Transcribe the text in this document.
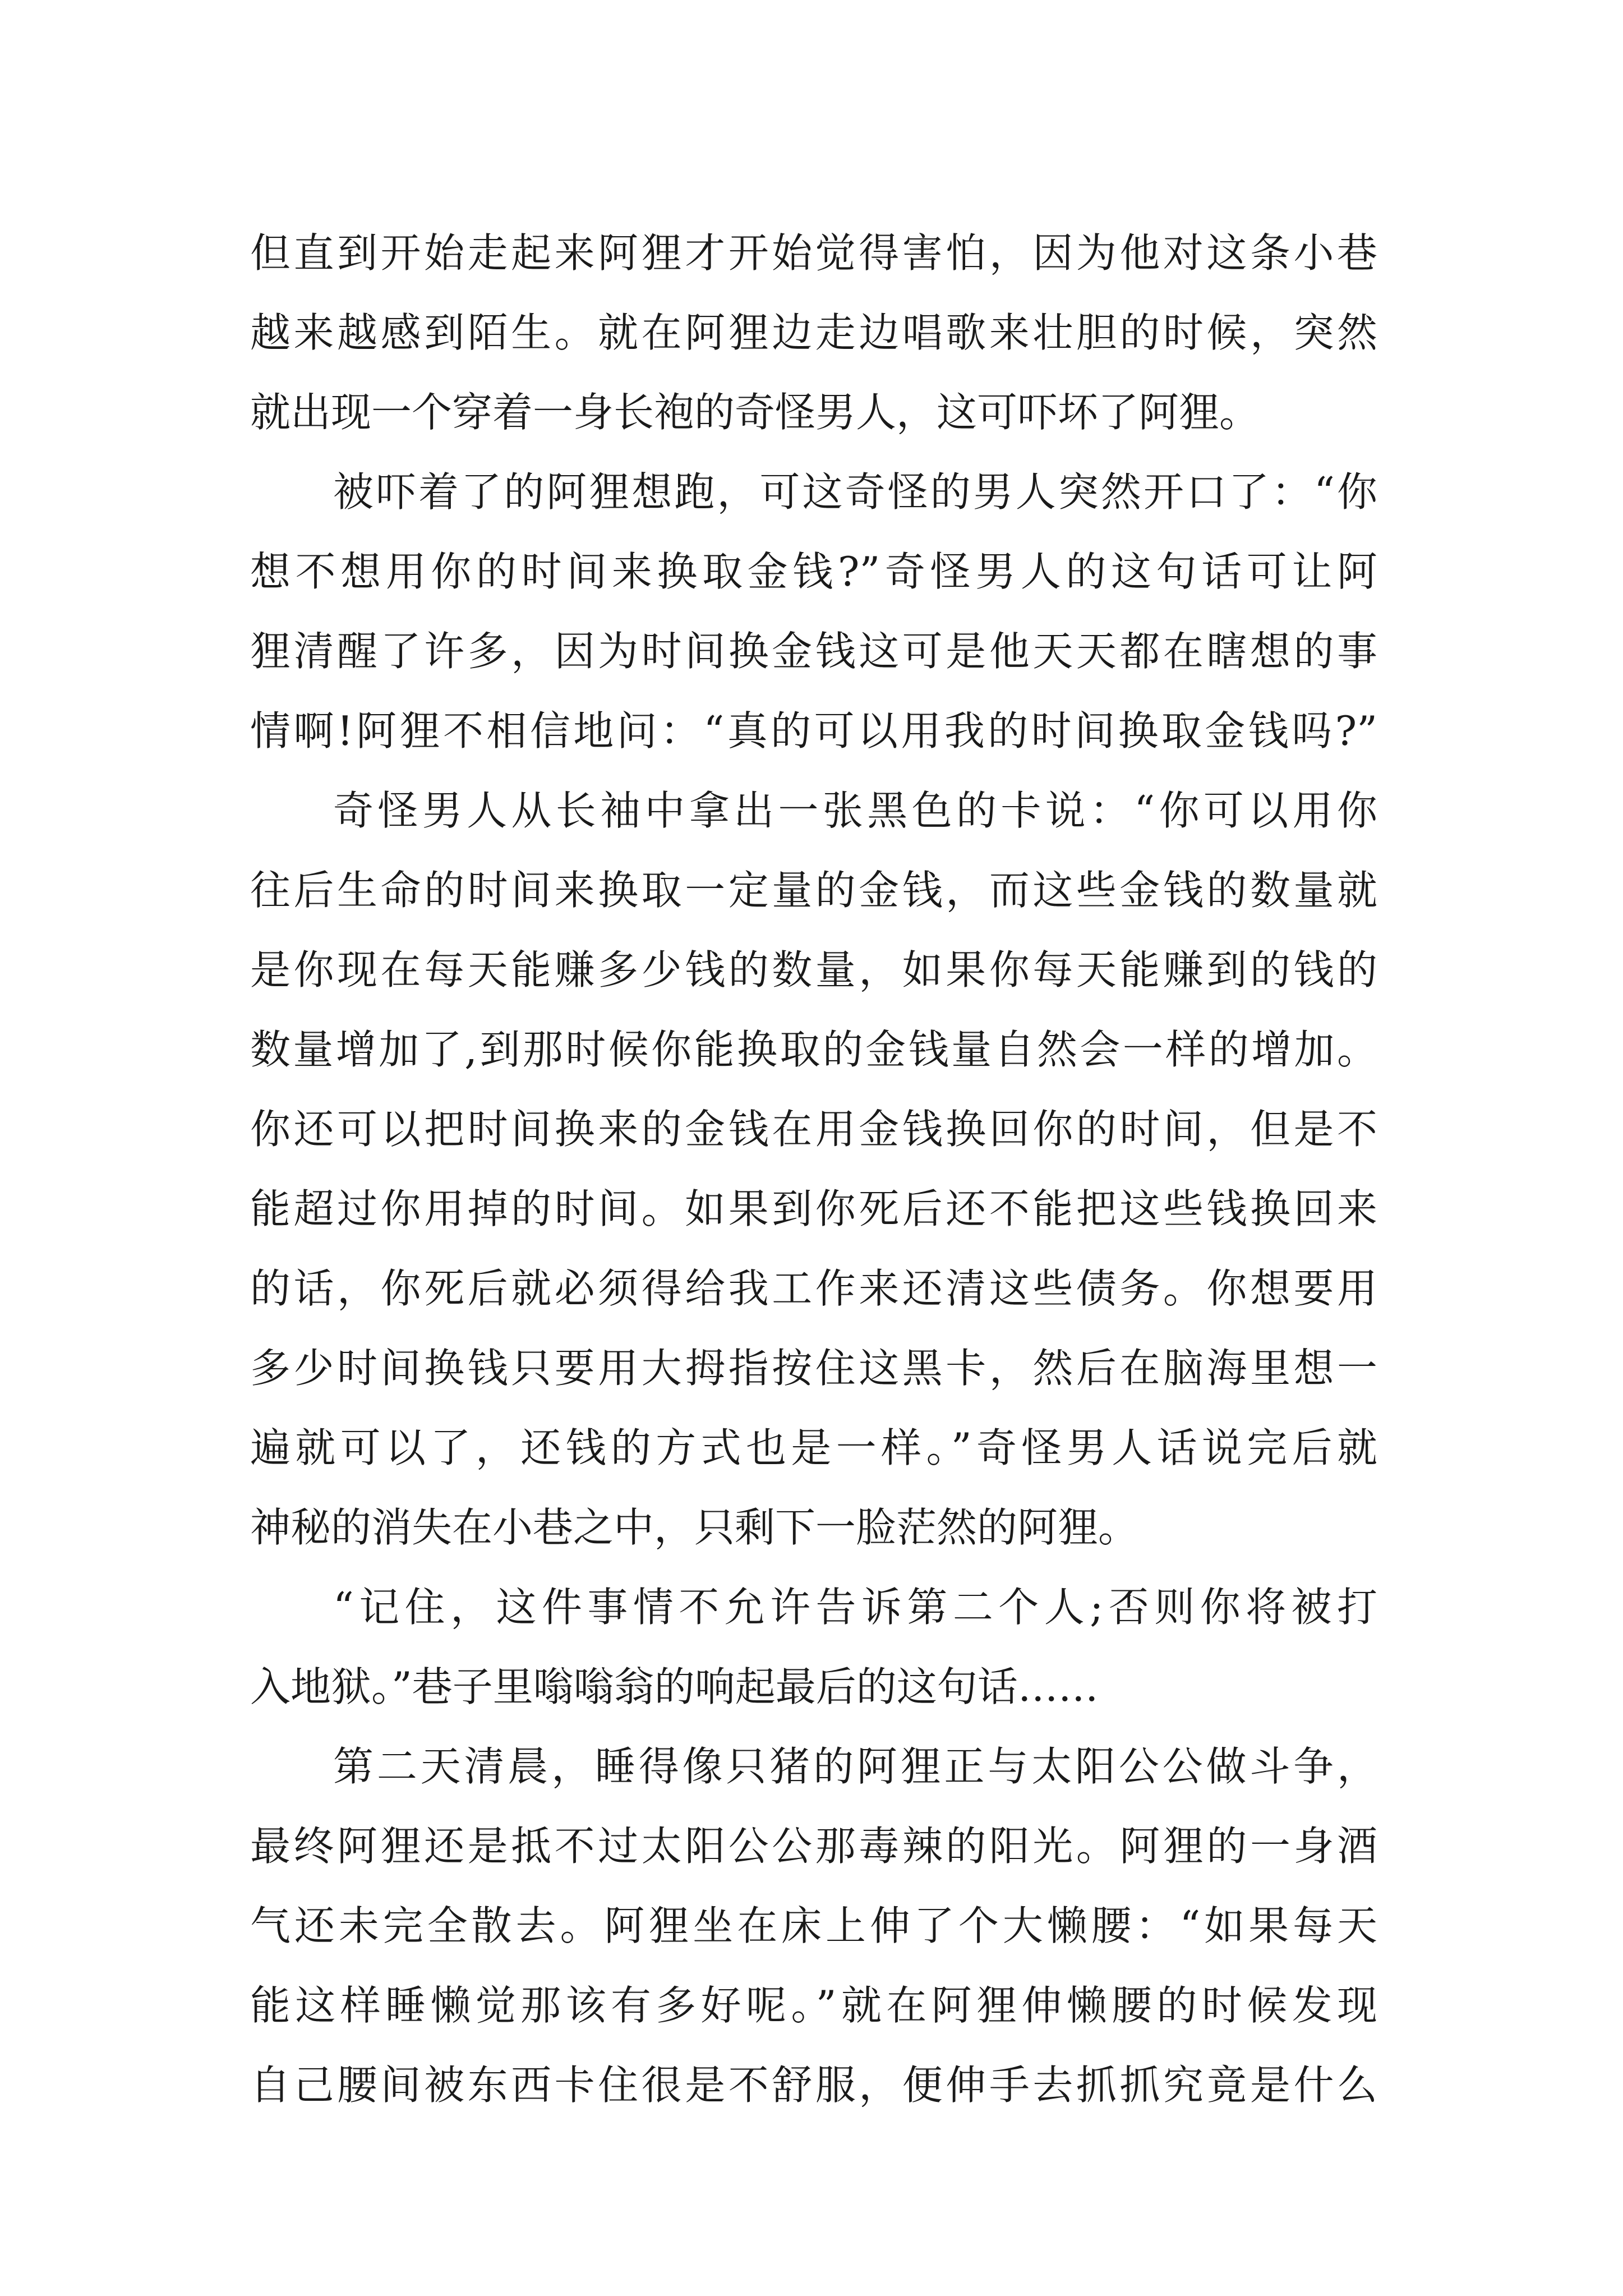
但直到开始走起来阿狸才开始觉得害怕，因为他对这条小巷
越来越感到陌生。就在阿狸边走边唱歌来壮胆的时候，突然
就出现一个穿着一身长袍的奇怪男人，这可吓坏了阿狸。
被吓着了的阿狸想跑，可这奇怪的男人突然开口了：“你
想不想用你的时间来换取金钱?”奇怪男人的这句话可让阿
狸清醒了许多，因为时间换金钱这可是他天天都在瞎想的事
情啊!阿狸不相信地问：“真的可以用我的时间换取金钱吗?”
奇怪男人从长袖中拿出一张黑色的卡说：“你可以用你
往后生命的时间来换取一定量的金钱，而这些金钱的数量就
是你现在每天能赚多少钱的数量，如果你每天能赚到的钱的
数量增加了,到那时候你能换取的金钱量自然会一样的增加。
你还可以把时间换来的金钱在用金钱换回你的时间，但是不
能超过你用掉的时间。如果到你死后还不能把这些钱换回来
的话，你死后就必须得给我工作来还清这些债务。你想要用
多少时间换钱只要用大拇指按住这黑卡，然后在脑海里想一
遍就可以了，还钱的方式也是一样。”奇怪男人话说完后就
神秘的消失在小巷之中，只剩下一脸茫然的阿狸。
“记住，这件事情不允许告诉第二个人;否则你将被打
入地狱。”巷子里嗡嗡翁的响起最后的这句话……
第二天清晨，睡得像只猪的阿狸正与太阳公公做斗争，
最终阿狸还是抵不过太阳公公那毒辣的阳光。阿狸的一身酒
气还未完全散去。阿狸坐在床上伸了个大懒腰：“如果每天
能这样睡懒觉那该有多好呢。”就在阿狸伸懒腰的时候发现
自己腰间被东西卡住很是不舒服，便伸手去抓抓究竟是什么
